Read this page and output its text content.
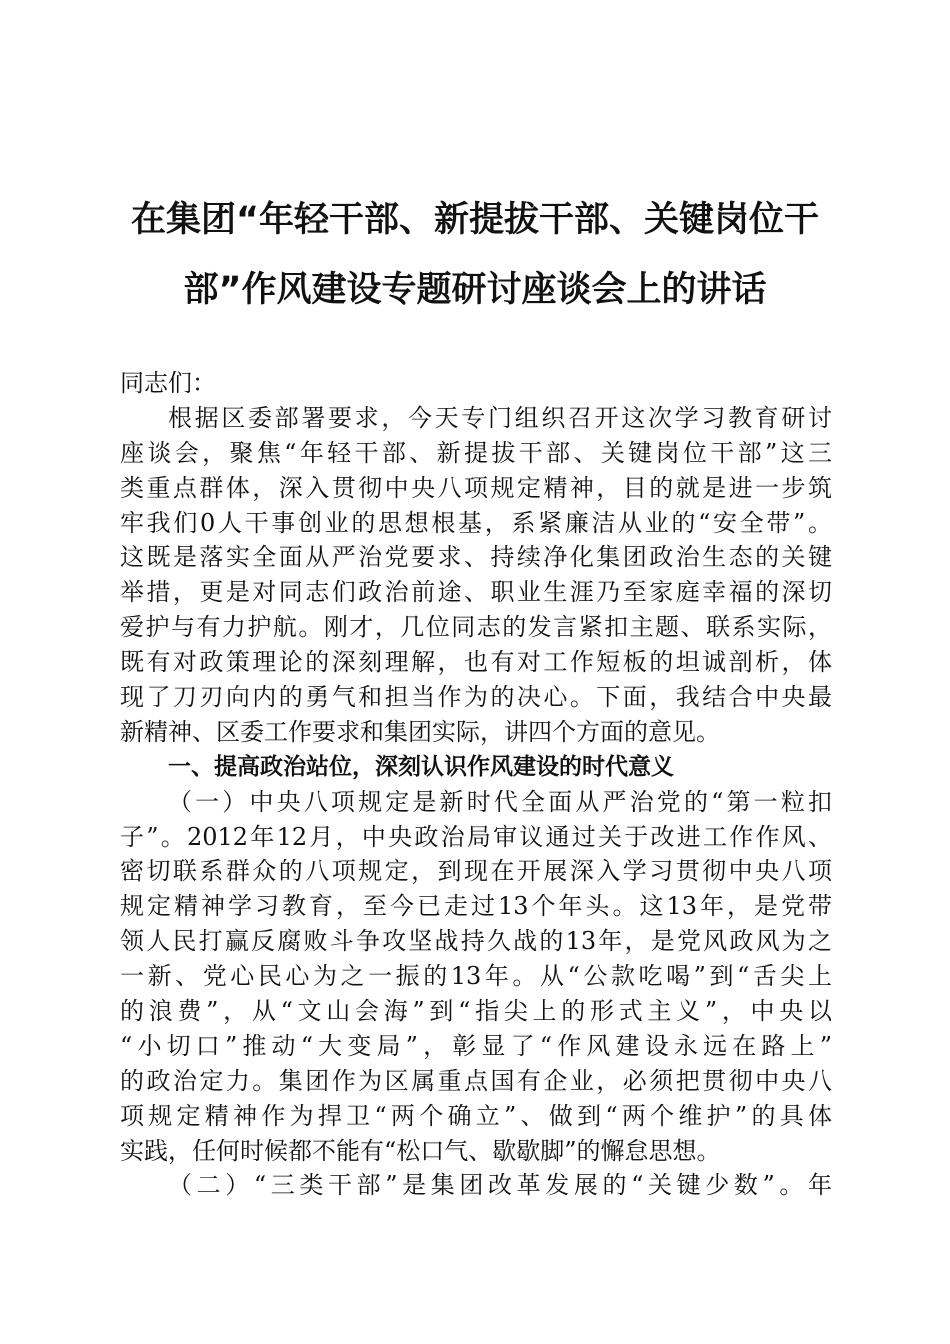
在集团“年轻干部、新提拔干部、关键岗位干
部”作风建设专题研讨座谈会上的讲话

同志们：

根据区委部署要求，今天专门组织召开这次学习教育研讨

座谈会，聚焦“年轻干部、新提拔干部、关键岗位干部”这三

类重点群体，深入贯彻中央八项规定精神，目的就是进一步筑

牢我们0人干事创业的思想根基，系紧廉洁从业的“安全带”。

这既是落实全面从严治党要求、持续净化集团政治生态的关键

举措，更是对同志们政治前途、职业生涯乃至家庭幸福的深切

爱护与有力护航。刚才，几位同志的发言紧扣主题、联系实际，

既有对政策理论的深刻理解，也有对工作短板的坦诚剖析，体

现了刀刃向内的勇气和担当作为的决心。下面，我结合中央最

新精神、区委工作要求和集团实际，讲四个方面的意见。

一、提高政治站位，深刻认识作风建设的时代意义

（一）中央八项规定是新时代全面从严治党的“第一粒扣

子”。2012年12月，中央政治局审议通过关于改进工作作风、

密切联系群众的八项规定，到现在开展深入学习贯彻中央八项

规定精神学习教育，至今已走过13个年头。这13年，是党带

领人民打赢反腐败斗争攻坚战持久战的13年，是党风政风为之

一新、党心民心为之一振的13年。从“公款吃喝”到“舌尖上

的浪费”，从“文山会海”到“指尖上的形式主义”，中央以

“小切口”推动“大变局”，彰显了“作风建设永远在路上”

的政治定力。集团作为区属重点国有企业，必须把贯彻中央八

项规定精神作为捍卫“两个确立”、做到“两个维护”的具体

实践，任何时候都不能有“松口气、歇歇脚”的懈怠思想。

（二）“三类干部”是集团改革发展的“关键少数”。年
